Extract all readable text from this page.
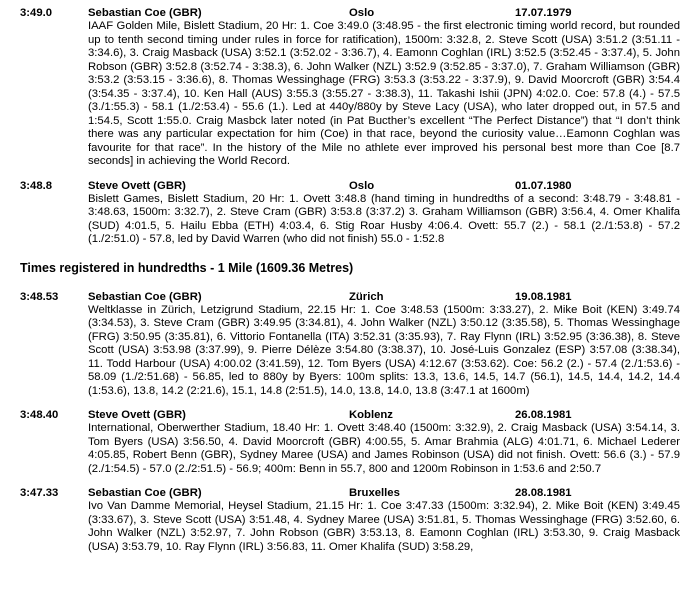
3:49.0	Sebastian Coe (GBR)	Oslo	17.07.1979
IAAF Golden Mile, Bislett Stadium, 20 Hr: 1. Coe 3:49.0 (3:48.95 - the first electronic timing world record, but rounded up to tenth second timing under rules in force for ratification), 1500m: 3:32.8, 2. Steve Scott (USA) 3:51.2 (3:51.11 - 3:34.6), 3. Craig Masback (USA) 3:52.1 (3:52.02 - 3:36.7), 4. Eamonn Coghlan (IRL) 3:52.5 (3:52.45 - 3:37.4), 5. John Robson (GBR) 3:52.8 (3:52.74 - 3:38.3), 6. John Walker (NZL) 3:52.9 (3:52.85 - 3:37.0), 7. Graham Williamson (GBR) 3:53.2 (3:53.15 - 3:36.6), 8. Thomas Wessinghage (FRG) 3:53.3 (3:53.22 - 3:37.9), 9. David Moorcroft (GBR) 3:54.4 (3:54.35 - 3:37.4), 10. Ken Hall (AUS) 3:55.3 (3:55.27 - 3:38.3), 11. Takashi Ishii (JPN) 4:02.0. Coe: 57.8 (4.) - 57.5 (3./1:55.3) - 58.1 (1./2:53.4) - 55.6 (1.). Led at 440y/880y by Steve Lacy (USA), who later dropped out, in 57.5 and 1:54.5, Scott 1:55.0. Craig Masbck later noted (in Pat Bucther’s excellent “The Perfect Distance”) that “I don’t think there was any particular expectation for him (Coe) in that race, beyond the curiosity value…Eamonn Coghlan was favourite for that race”. In the history of the Mile no athlete ever improved his personal best more than Coe [8.7 seconds] in achieving the World Record.
3:48.8	Steve Ovett (GBR)	Oslo	01.07.1980
Bislett Games, Bislett Stadium, 20 Hr: 1. Ovett 3:48.8 (hand timing in hundredths of a second: 3:48.79 - 3:48.81 - 3:48.63, 1500m: 3:32.7), 2. Steve Cram (GBR) 3:53.8 (3:37.2) 3. Graham Williamson (GBR) 3:56.4, 4. Omer Khalifa (SUD) 4:01.5, 5. Hailu Ebba (ETH) 4:03.4, 6. Stig Roar Husby 4:06.4. Ovett: 55.7 (2.) - 58.1 (2./1:53.8) - 57.2 (1./2:51.0) - 57.8, led by David Warren (who did not finish) 55.0 - 1:52.8
Times registered in hundredths - 1 Mile (1609.36 Metres)
3:48.53	Sebastian Coe (GBR)	Zürich	19.08.1981
Weltklasse in Zürich, Letzigrund Stadium, 22.15 Hr: 1. Coe 3:48.53 (1500m: 3:33.27), 2. Mike Boit (KEN) 3:49.74 (3:34.53), 3. Steve Cram (GBR) 3:49.95 (3:34.81), 4. John Walker (NZL) 3:50.12 (3:35.58), 5. Thomas Wessinghage (FRG) 3:50.95 (3:35.81), 6. Vittorio Fontanella (ITA) 3:52.31 (3:35.93), 7. Ray Flynn (IRL) 3:52.95 (3:36.38), 8. Steve Scott (USA) 3:53.98 (3:37.99), 9. Pierre Délèze 3:54.80 (3:38.37), 10. José-Luis Gonzalez (ESP) 3:57.08 (3:38.34), 11. Todd Harbour (USA) 4:00.02 (3:41.59), 12. Tom Byers (USA) 4:12.67 (3:53.62). Coe: 56.2 (2.) - 57.4 (2./1:53.6) - 58.09 (1./2:51.68) - 56.85, led to 880y by Byers: 100m splits: 13.3, 13.6, 14.5, 14.7 (56.1), 14.5, 14.4, 14.2, 14.4 (1:53.6), 13.8, 14.2 (2:21.6), 15.1, 14.8 (2:51.5), 14.0, 13.8, 14.0, 13.8 (3:47.1 at 1600m)
3:48.40	Steve Ovett (GBR)	Koblenz	26.08.1981
International, Oberwerther Stadium, 18.40 Hr: 1. Ovett 3:48.40 (1500m: 3:32.9), 2. Craig Masback (USA) 3:54.14, 3. Tom Byers (USA) 3:56.50, 4. David Moorcroft (GBR) 4:00.55, 5. Amar Brahmia (ALG) 4:01.71, 6. Michael Lederer 4:05.85, Robert Benn (GBR), Sydney Maree (USA) and James Robinson (USA) did not finish. Ovett: 56.6 (3.) - 57.9 (2./1:54.5) - 57.0 (2./2:51.5) - 56.9; 400m: Benn in 55.7, 800 and 1200m Robinson in 1:53.6 and 2:50.7
3:47.33	Sebastian Coe (GBR)	Bruxelles	28.08.1981
Ivo Van Damme Memorial, Heysel Stadium, 21.15 Hr: 1. Coe 3:47.33 (1500m: 3:32.94), 2. Mike Boit (KEN) 3:49.45 (3:33.67), 3. Steve Scott (USA) 3:51.48, 4. Sydney Maree (USA) 3:51.81, 5. Thomas Wessinghage (FRG) 3:52.60, 6. John Walker (NZL) 3:52.97, 7. John Robson (GBR) 3:53.13, 8. Eamonn Coghlan (IRL) 3:53.30, 9. Craig Masback (USA) 3:53.79, 10. Ray Flynn (IRL) 3:56.83, 11. Omer Khalifa (SUD) 3:58.29,
